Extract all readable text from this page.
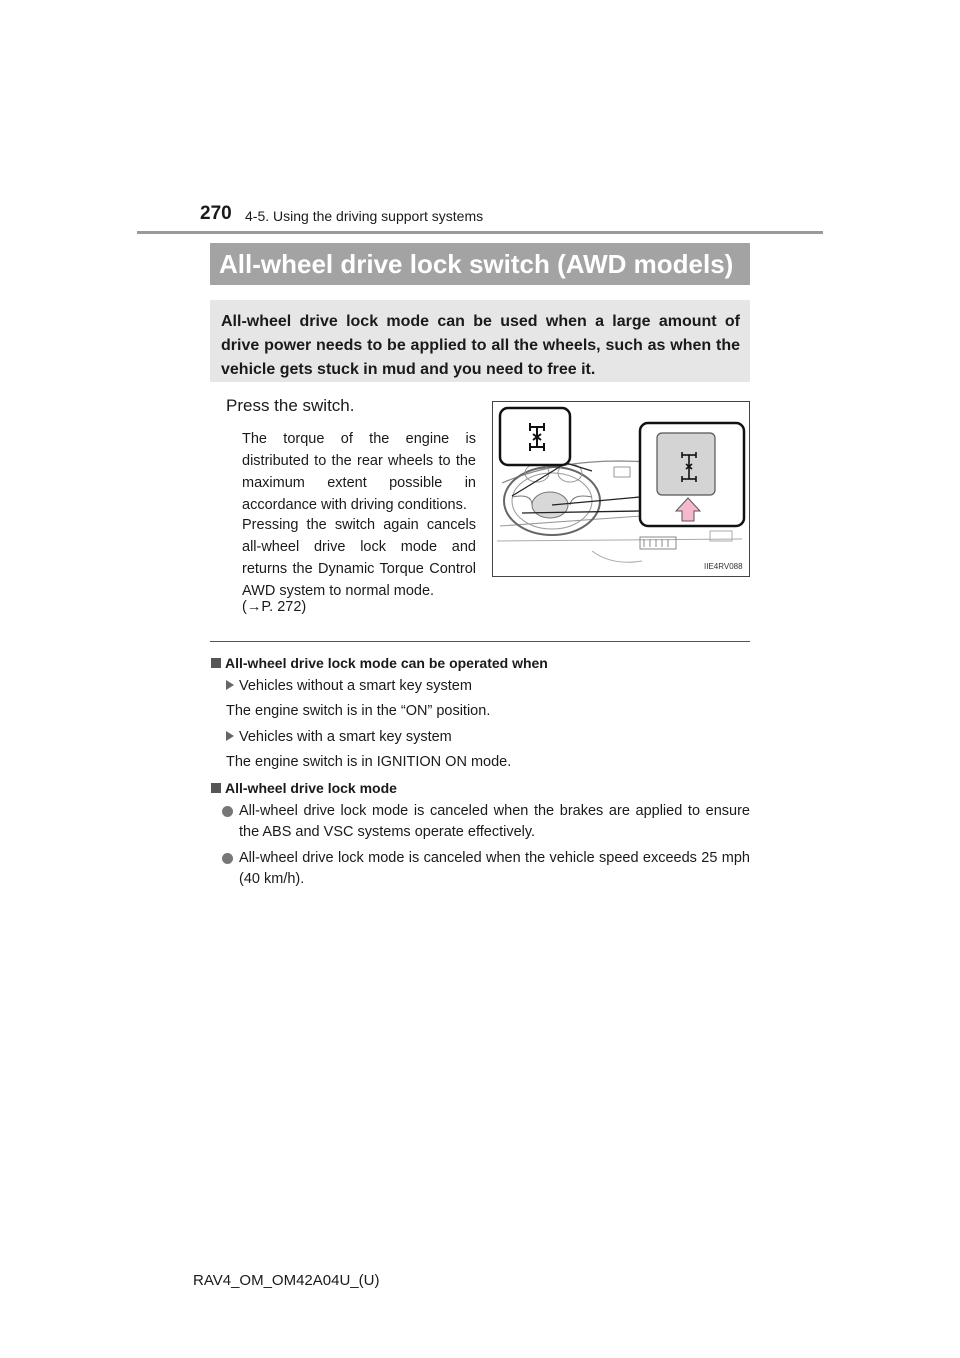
270 4-5. Using the driving support systems
All-wheel drive lock switch (AWD models)
All-wheel drive lock mode can be used when a large amount of drive power needs to be applied to all the wheels, such as when the vehicle gets stuck in mud and you need to free it.
Press the switch.
The torque of the engine is distributed to the rear wheels to the maximum extent possible in accordance with driving conditions.
Pressing the switch again cancels all-wheel drive lock mode and returns the Dynamic Torque Control AWD system to normal mode.
(→P. 272)
IIE4RV088
All-wheel drive lock mode can be operated when
Vehicles without a smart key system
The engine switch is in the “ON” position.
Vehicles with a smart key system
The engine switch is in IGNITION ON mode.
All-wheel drive lock mode
All-wheel drive lock mode is canceled when the brakes are applied to ensure the ABS and VSC systems operate effectively.
All-wheel drive lock mode is canceled when the vehicle speed exceeds 25 mph (40 km/h).
RAV4_OM_OM42A04U_(U)
